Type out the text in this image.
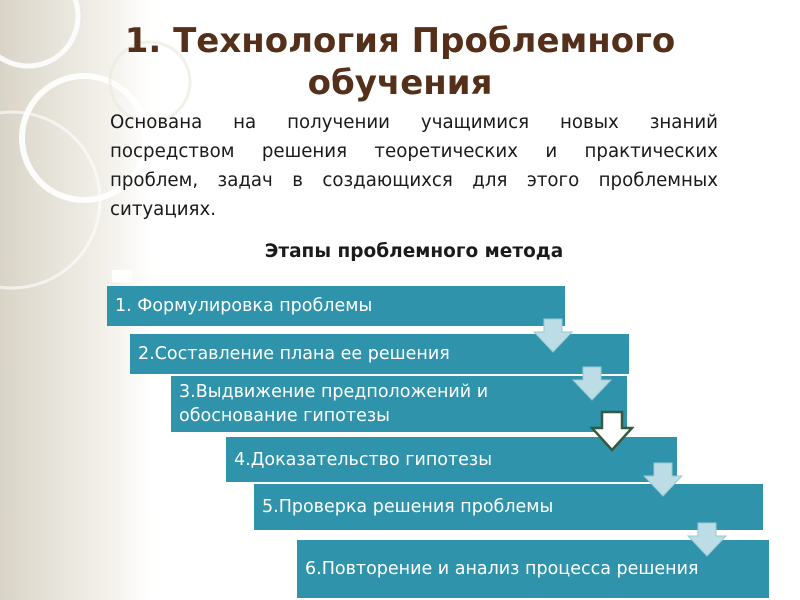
1. Технология Проблемного обучения

Основана на получении учащимися новых знаний посредством решения теоретических и практических проблем, задач в создающихся для этого проблемных ситуациях.

Этапы проблемного метода
1. Формулировка проблемы
2.Составление плана ее решения
3.Выдвижение предположений и обоснование гипотезы
4.Доказательство гипотезы
5.Проверка решения проблемы
6.Повторение и анализ процесса решения
